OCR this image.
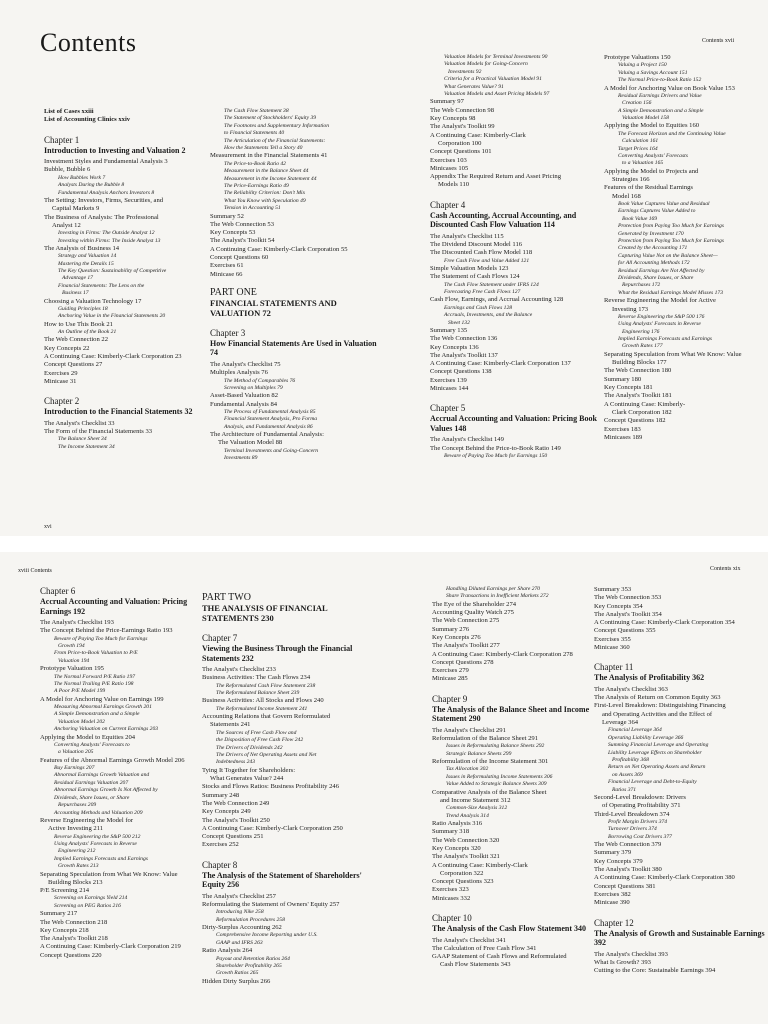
Contents
List of Cases xxiii
List of Accounting Clinics xxiv
Chapter 1
Introduction to Investing and Valuation 2
Investment Styles and Fundamental Analysis 3
Bubble, Bubble 6
How Bubbles Work 7
Analysts During the Bubble 8
Fundamental Analysis Anchors Investors 8
The Setting: Investors, Firms, Securities, and
Capital Markets 9
The Business of Analysis: The Professional
Analyst 12
Investing in Firms: The Outside Analyst 12
Investing within Firms: The Inside Analyst 13
The Analysis of Business 14
Strategy and Valuation 14
Mastering the Details 15
The Key Question: Sustainability of Competitive
Advantage 17
Financial Statements: The Lens on the
Business 17
Choosing a Valuation Technology 17
Guiding Principles 18
Anchoring Value in the Financial Statements 20
How to Use This Book 21
An Outline of the Book 21
The Web Connection 22
Key Concepts 22
A Continuing Case: Kimberly-Clark Corporation 23
Concept Questions 27
Exercises 29
Minicase 31
Chapter 2
Introduction to the Financial Statements 32
The Analyst's Checklist 33
The Form of the Financial Statements 33
The Balance Sheet 34
The Income Statement 34
The Cash Flow Statement 38
The Statement of Stockholders' Equity 39
The Footnotes and Supplementary Information
to Financial Statements 40
The Articulation of the Financial Statements:
How the Statements Tell a Story 40
Measurement in the Financial Statements 41
The Price-to-Book Ratio 42
Measurement in the Balance Sheet 44
Measurement in the Income Statement 44
The Price-Earnings Ratio 49
The Reliability Criterion: Don't Mix
What You Know with Speculation 49
Tension in Accounting 51
Summary 52
The Web Connection 53
Key Concepts 53
The Analyst's Toolkit 54
A Continuing Case: Kimberly-Clark Corporation 55
Concept Questions 60
Exercises 61
Minicase 66
PART ONE
FINANCIAL STATEMENTS AND VALUATION 72
Chapter 3
How Financial Statements Are Used in Valuation 74
The Analyst's Checklist 75
Multiples Analysis 76
The Method of Comparables 76
Screening on Multiples 79
Asset-Based Valuation 82
Fundamental Analysis 84
The Process of Fundamental Analysis 85
Financial Statement Analysis, Pro Forma
Analysis, and Fundamental Analysis 86
The Architecture of Fundamental Analysis:
The Valuation Model 88
Terminal Investments and Going-Concern
Investments 89
xvi
Contents xvii
Valuation Models for Terminal Investments 90
Valuation Models for Going-Concern
Investments 92
Criteria for a Practical Valuation Model 91
What Generates Value? 91
Valuation Models and Asset Pricing Models 97
Summary 97
The Web Connection 98
Key Concepts 98
The Analyst's Toolkit 99
A Continuing Case: Kimberly-Clark
Corporation 100
Concept Questions 101
Exercises 103
Minicases 105
Appendix The Required Return and Asset Pricing
Models 110
Chapter 4
Cash Accounting, Accrual Accounting, and Discounted Cash Flow Valuation 114
The Analyst's Checklist 115
The Dividend Discount Model 116
The Discounted Cash Flow Model 118
Free Cash Flow and Value Added 121
Simple Valuation Models 123
The Statement of Cash Flows 124
The Cash Flow Statement under IFRS 124
Forecasting Free Cash Flows 127
Cash Flow, Earnings, and Accrual Accounting 128
Earnings and Cash Flows 128
Accruals, Investments, and the Balance
Sheet 132
Summary 135
The Web Connection 136
Key Concepts 136
The Analyst's Toolkit 137
A Continuing Case: Kimberly-Clark Corporation 137
Concept Questions 138
Exercises 139
Minicases 144
Chapter 5
Accrual Accounting and Valuation: Pricing Book Values 148
The Analyst's Checklist 149
The Concept Behind the Price-to-Book Ratio 149
Beware of Paying Too Much for Earnings 150
Prototype Valuations 150
Valuing a Project 150
Valuing a Savings Account 151
The Normal Price-to-Book Ratio 152
A Model for Anchoring Value on Book Value 153
Residual Earnings Drivers and Value
Creation 156
A Simple Demonstration and a Simple
Valuation Model 158
Applying the Model to Equities 160
The Forecast Horizon and the Continuing Value
Calculation 161
Target Prices 164
Converting Analysts' Forecasts
to a Valuation 165
Applying the Model to Projects and
Strategies 166
Features of the Residual Earnings
Model 168
Book Value Captures Value and Residual
Earnings Captures Value Added to
Book Value 169
Protection from Paying Too Much for Earnings
Generated by Investment 170
Protection from Paying Too Much for Earnings
Created by the Accounting 171
Capturing Value Not on the Balance Sheet—
for All Accounting Methods 172
Residual Earnings Are Not Affected by
Dividends, Share Issues, or Share
Repurchases 172
What the Residual Earnings Model Misses 173
Reverse Engineering the Model for Active
Investing 173
Reverse Engineering the S&P 500 176
Using Analysts' Forecasts in Reverse
Engineering 176
Implied Earnings Forecasts and Earnings
Growth Rates 177
Separating Speculation from What We Know: Value
Building Blocks 177
The Web Connection 180
Summary 180
Key Concepts 181
The Analyst's Toolkit 181
A Continuing Case: Kimberly-
Clark Corporation 182
Concept Questions 182
Exercises 183
Minicases 189
xviii Contents
Chapter 6
Accrual Accounting and Valuation: Pricing Earnings 192
The Analyst's Checklist 193
The Concept Behind the Price-Earnings Ratio 193
Beware of Paying Too Much for Earnings
Growth 194
From Price-to-Book Valuation to P/E
Valuation 194
Prototype Valuation 195
The Normal Forward P/E Ratio 197
The Normal Trailing P/E Ratio 198
A Poor P/E Model 199
A Model for Anchoring Value on Earnings 199
Measuring Abnormal Earnings Growth 201
A Simple Demonstration and a Simple
Valuation Model 202
Anchoring Valuation on Current Earnings 203
Applying the Model to Equities 204
Converting Analysts' Forecasts to
a Valuation 205
Features of the Abnormal Earnings Growth Model 206
Buy Earnings 207
Abnormal Earnings Growth Valuation and
Residual Earnings Valuation 207
Abnormal Earnings Growth Is Not Affected by
Dividends, Share Issues, or Share
Repurchases 209
Accounting Methods and Valuation 209
Reverse Engineering the Model for
Active Investing 211
Reverse Engineering the S&P 500 212
Using Analysts' Forecasts in Reverse
Engineering 212
Implied Earnings Forecasts and Earnings
Growth Rates 213
Separating Speculation from What We Know: Value
Building Blocks 213
P/E Screening 214
Screening on Earnings Yield 214
Screening on PEG Ratios 216
Summary 217
The Web Connection 218
Key Concepts 218
The Analyst's Toolkit 218
A Continuing Case: Kimberly-Clark Corporation 219
Concept Questions 220
PART TWO
THE ANALYSIS OF FINANCIAL STATEMENTS 230
Chapter 7
Viewing the Business Through the Financial Statements 232
The Analyst's Checklist 233
Business Activities: The Cash Flows 234
The Reformulated Cash Flow Statement 238
The Reformulated Balance Sheet 239
Business Activities: All Stocks and Flows 240
The Reformulated Income Statement 241
Accounting Relations that Govern Reformulated
Statements 241
The Sources of Free Cash Flow and
the Disposition of Free Cash Flow 242
The Drivers of Dividends 242
The Drivers of Net Operating Assets and Net
Indebtedness 243
Tying It Together for Shareholders:
What Generates Value? 244
Stocks and Flows Ratios: Business Profitability 246
Summary 248
The Web Connection 249
Key Concepts 249
The Analyst's Toolkit 250
A Continuing Case: Kimberly-Clark Corporation 250
Concept Questions 251
Exercises 252
Chapter 8
The Analysis of the Statement of Shareholders' Equity 256
The Analyst's Checklist 257
Reformulating the Statement of Owners' Equity 257
Introducing Nike 258
Reformulation Procedures 258
Dirty-Surplus Accounting 262
Comprehensive Income Reporting under U.S.
GAAP and IFRS 263
Ratio Analysis 264
Payout and Retention Ratios 264
Shareholder Profitability 265
Growth Ratios 265
Hidden Dirty Surplus 266
Contents xix
Handling Diluted Earnings per Share 270
Share Transactions in Inefficient Markets 272
The Eye of the Shareholder 274
Accounting Quality Watch 275
The Web Connection 275
Summary 276
Key Concepts 276
The Analyst's Toolkit 277
A Continuing Case: Kimberly-Clark Corporation 278
Concept Questions 278
Exercises 279
Minicase 285
Chapter 9
The Analysis of the Balance Sheet and Income Statement 290
The Analyst's Checklist 291
Reformulation of the Balance Sheet 291
Issues in Reformulating Balance Sheets 292
Strategic Balance Sheets 299
Reformulation of the Income Statement 301
Tax Allocation 302
Issues in Reformulating Income Statements 306
Value Added to Strategic Balance Sheets 309
Comparative Analysis of the Balance Sheet
and Income Statement 312
Common-Size Analysis 312
Trend Analysis 314
Ratio Analysis 316
Summary 318
The Web Connection 320
Key Concepts 320
The Analyst's Toolkit 321
A Continuing Case: Kimberly-Clark
Corporation 322
Concept Questions 323
Exercises 323
Minicases 332
Chapter 10
The Analysis of the Cash Flow Statement 340
The Analyst's Checklist 341
The Calculation of Free Cash Flow 341
GAAP Statement of Cash Flows and Reformulated
Cash Flow Statements 343
Summary 353
The Web Connection 353
Key Concepts 354
The Analyst's Toolkit 354
A Continuing Case: Kimberly-Clark Corporation 354
Concept Questions 355
Exercises 355
Minicase 360
Chapter 11
The Analysis of Profitability 362
The Analyst's Checklist 363
The Analysis of Return on Common Equity 363
First-Level Breakdown: Distinguishing Financing
and Operating Activities and the Effect of
Leverage 364
Financial Leverage 364
Operating Liability Leverage 366
Summing Financial Leverage and Operating
Liability Leverage Effects on Shareholder
Profitability 368
Return on Net Operating Assets and Return
on Assets 369
Financial Leverage and Debt-to-Equity
Ratios 371
Second-Level Breakdown: Drivers
of Operating Profitability 371
Third-Level Breakdown 374
Profit Margin Drivers 374
Turnover Drivers 374
Borrowing Cost Drivers 377
The Web Connection 379
Summary 379
Key Concepts 379
The Analyst's Toolkit 380
A Continuing Case: Kimberly-Clark Corporation 380
Concept Questions 381
Exercises 382
Minicase 390
Chapter 12
The Analysis of Growth and Sustainable Earnings 392
The Analyst's Checklist 393
What Is Growth? 393
Cutting to the Core: Sustainable Earnings 394
